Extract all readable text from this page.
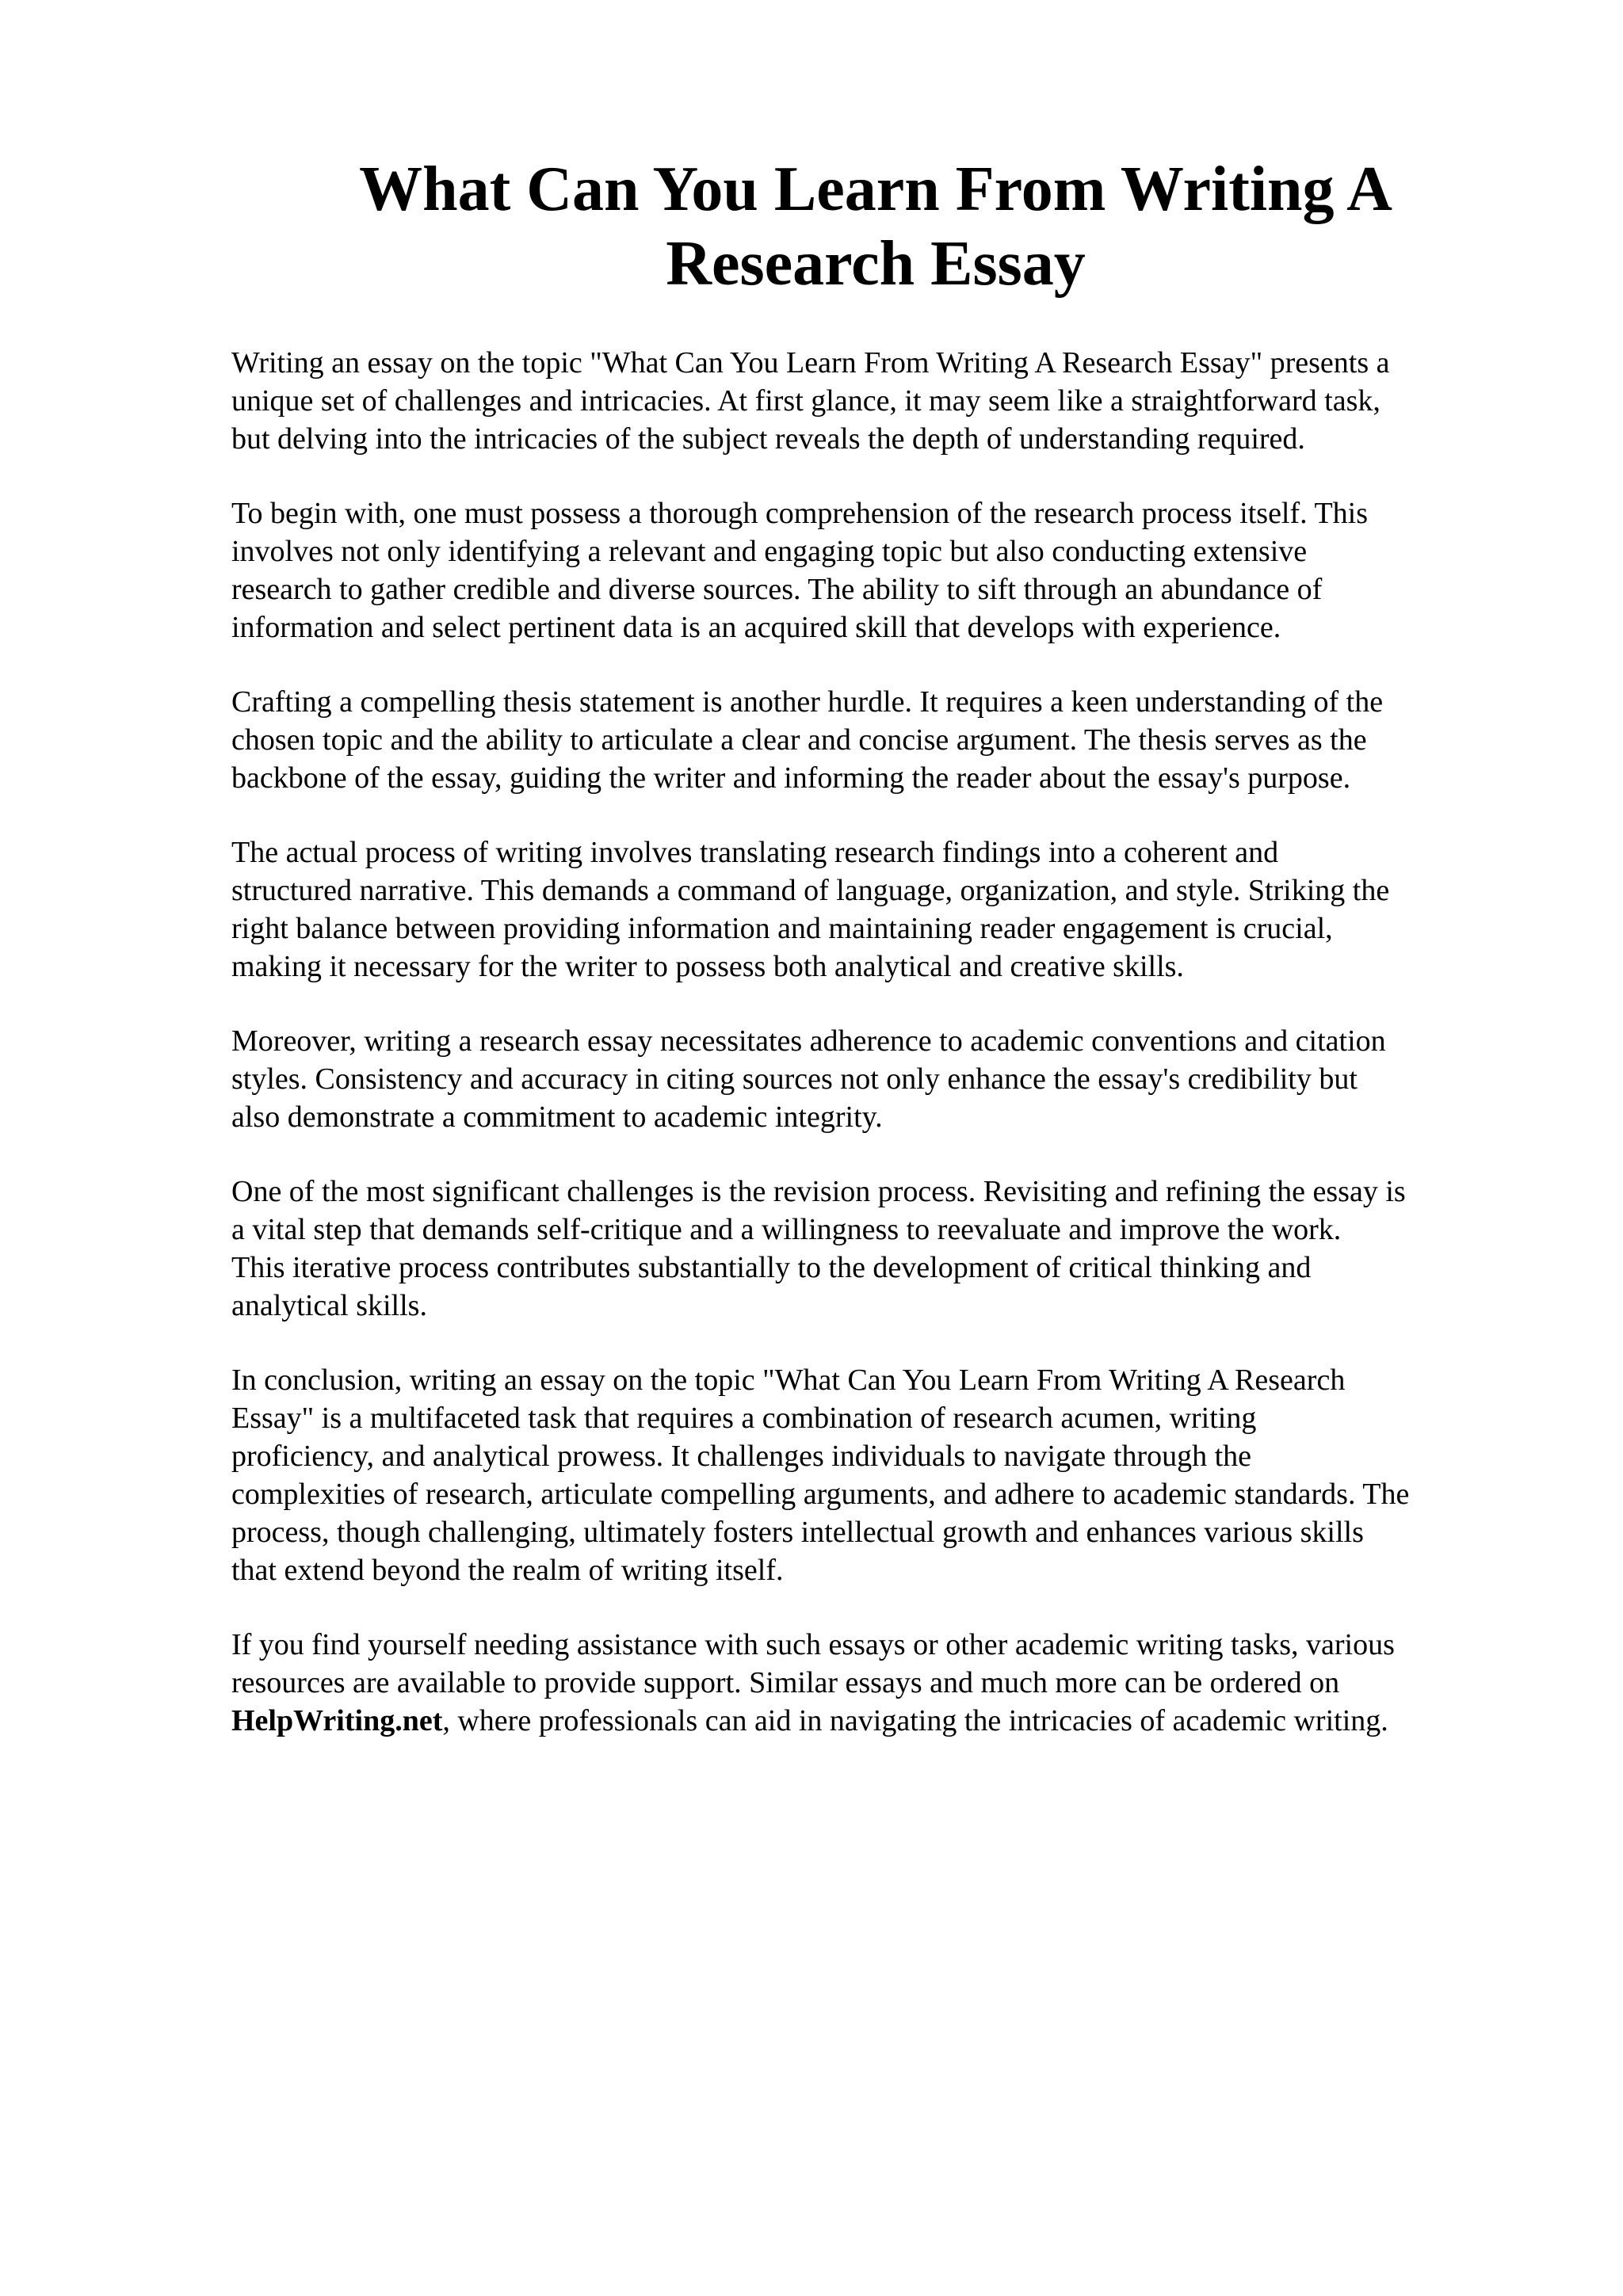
What Can You Learn From Writing A Research Essay

Writing an essay on the topic "What Can You Learn From Writing A Research Essay" presents a
unique set of challenges and intricacies. At first glance, it may seem like a straightforward task,
but delving into the intricacies of the subject reveals the depth of understanding required.

To begin with, one must possess a thorough comprehension of the research process itself. This
involves not only identifying a relevant and engaging topic but also conducting extensive
research to gather credible and diverse sources. The ability to sift through an abundance of
information and select pertinent data is an acquired skill that develops with experience.

Crafting a compelling thesis statement is another hurdle. It requires a keen understanding of the
chosen topic and the ability to articulate a clear and concise argument. The thesis serves as the
backbone of the essay, guiding the writer and informing the reader about the essay's purpose.

The actual process of writing involves translating research findings into a coherent and
structured narrative. This demands a command of language, organization, and style. Striking the
right balance between providing information and maintaining reader engagement is crucial,
making it necessary for the writer to possess both analytical and creative skills.

Moreover, writing a research essay necessitates adherence to academic conventions and citation
styles. Consistency and accuracy in citing sources not only enhance the essay's credibility but
also demonstrate a commitment to academic integrity.

One of the most significant challenges is the revision process. Revisiting and refining the essay is
a vital step that demands self-critique and a willingness to reevaluate and improve the work.
This iterative process contributes substantially to the development of critical thinking and
analytical skills.

In conclusion, writing an essay on the topic "What Can You Learn From Writing A Research
Essay" is a multifaceted task that requires a combination of research acumen, writing
proficiency, and analytical prowess. It challenges individuals to navigate through the
complexities of research, articulate compelling arguments, and adhere to academic standards. The
process, though challenging, ultimately fosters intellectual growth and enhances various skills
that extend beyond the realm of writing itself.

If you find yourself needing assistance with such essays or other academic writing tasks, various
resources are available to provide support. Similar essays and much more can be ordered on
HelpWriting.net, where professionals can aid in navigating the intricacies of academic writing.
